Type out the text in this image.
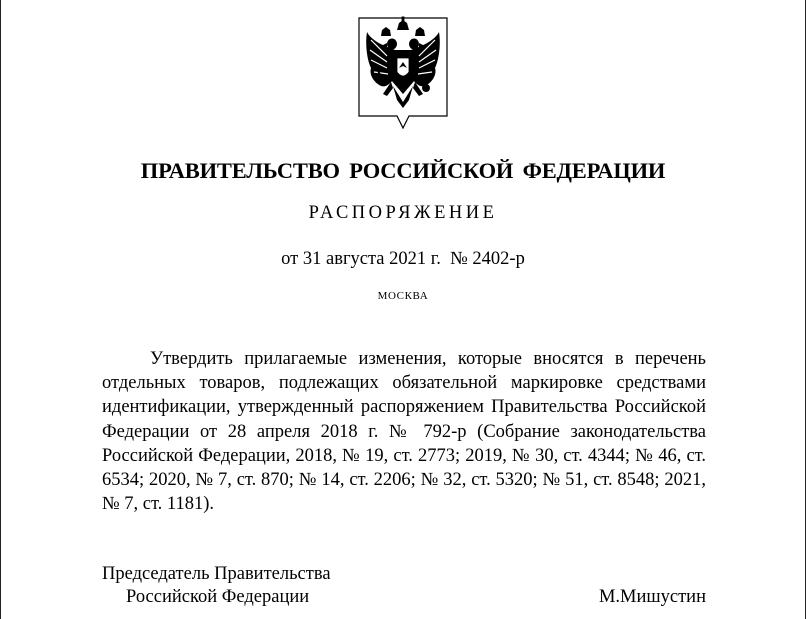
ПРАВИТЕЛЬСТВО РОССИЙСКОЙ ФЕДЕРАЦИИ
РАСПОРЯЖЕНИЕ
от 31 августа 2021 г.  № 2402-р
МОСКВА
Утвердить прилагаемые изменения, которые вносятся в перечень отдельных товаров, подлежащих обязательной маркировке средствами идентификации, утвержденный распоряжением Правительства Российской Федерации от 28 апреля 2018 г. № 792-р (Собрание законодательства Российской Федерации, 2018, № 19, ст. 2773; 2019, № 30, ст. 4344; № 46, ст. 6534; 2020, № 7, ст. 870; № 14, ст. 2206; № 32, ст. 5320; № 51, ст. 8548; 2021, № 7, ст. 1181).
Председатель Правительства
Российской Федерации	М.Мишустин
